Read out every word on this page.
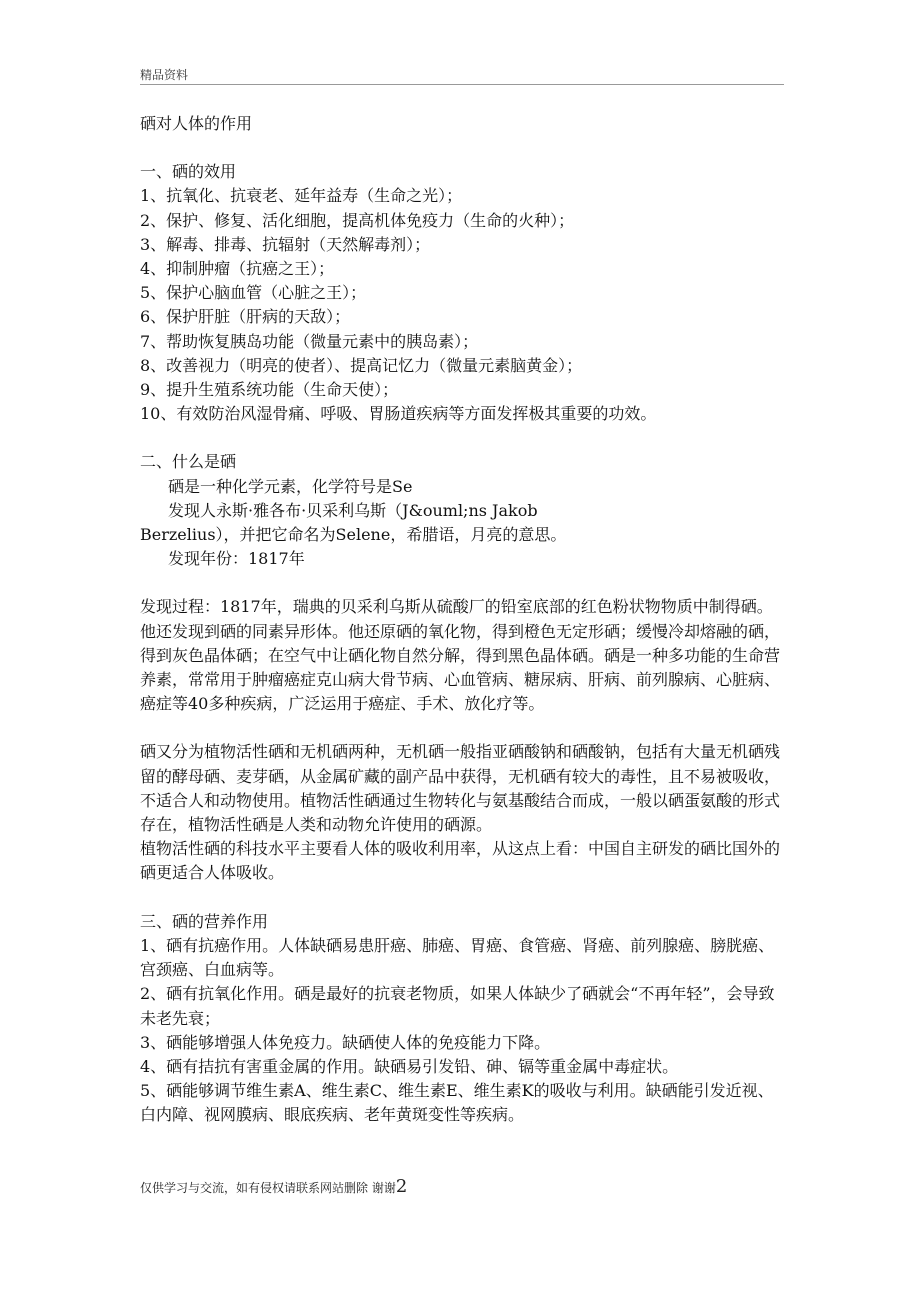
精品资料

硒对人体的作用

一、硒的效用

1、抗氧化、抗衰老、延年益寿（生命之光）；

2、保护、修复、活化细胞，提高机体免疫力（生命的火种）；

3、解毒、排毒、抗辐射（天然解毒剂）；

4、抑制肿瘤（抗癌之王）；

5、保护心脑血管（心脏之王）；

6、保护肝脏（肝病的天敌）；

7、帮助恢复胰岛功能（微量元素中的胰岛素）；

8、改善视力（明亮的使者）、提高记忆力（微量元素脑黄金）；

9、提升生殖系统功能（生命天使）；

10、有效防治风湿骨痛、呼吸、胃肠道疾病等方面发挥极其重要的功效。

二、什么是硒

硒是一种化学元素，化学符号是Se

发现人永斯·雅各布·贝采利乌斯（J&ouml;ns Jakob

Berzelius），并把它命名为Selene，希腊语，月亮的意思。

发现年份：1817年

发现过程：1817年，瑞典的贝采利乌斯从硫酸厂的铅室底部的红色粉状物物质中制得硒。他还发现到硒的同素异形体。他还原硒的氧化物，得到橙色无定形硒；缓慢冷却熔融的硒，得到灰色晶体硒；在空气中让硒化物自然分解，得到黑色晶体硒。硒是一种多功能的生命营养素，常常用于肿瘤癌症克山病大骨节病、心血管病、糖尿病、肝病、前列腺病、心脏病、癌症等40多种疾病，广泛运用于癌症、手术、放化疗等。

硒又分为植物活性硒和无机硒两种，无机硒一般指亚硒酸钠和硒酸钠，包括有大量无机硒残留的酵母硒、麦芽硒，从金属矿藏的副产品中获得，无机硒有较大的毒性，且不易被吸收，不适合人和动物使用。植物活性硒通过生物转化与氨基酸结合而成，一般以硒蛋氨酸的形式存在，植物活性硒是人类和动物允许使用的硒源。

植物活性硒的科技水平主要看人体的吸收利用率，从这点上看：中国自主研发的硒比国外的硒更适合人体吸收。

三、硒的营养作用

1、硒有抗癌作用。人体缺硒易患肝癌、肺癌、胃癌、食管癌、肾癌、前列腺癌、膀胱癌、宫颈癌、白血病等。

2、硒有抗氧化作用。硒是最好的抗衰老物质，如果人体缺少了硒就会“不再年轻”，会导致未老先衰；

3、硒能够增强人体免疫力。缺硒使人体的免疫能力下降。

4、硒有拮抗有害重金属的作用。缺硒易引发铅、砷、镉等重金属中毒症状。

5、硒能够调节维生素A、维生素C、维生素E、维生素K的吸收与利用。缺硒能引发近视、白内障、视网膜病、眼底疾病、老年黄斑变性等疾病。

仅供学习与交流，如有侵权请联系网站删除 谢谢2
